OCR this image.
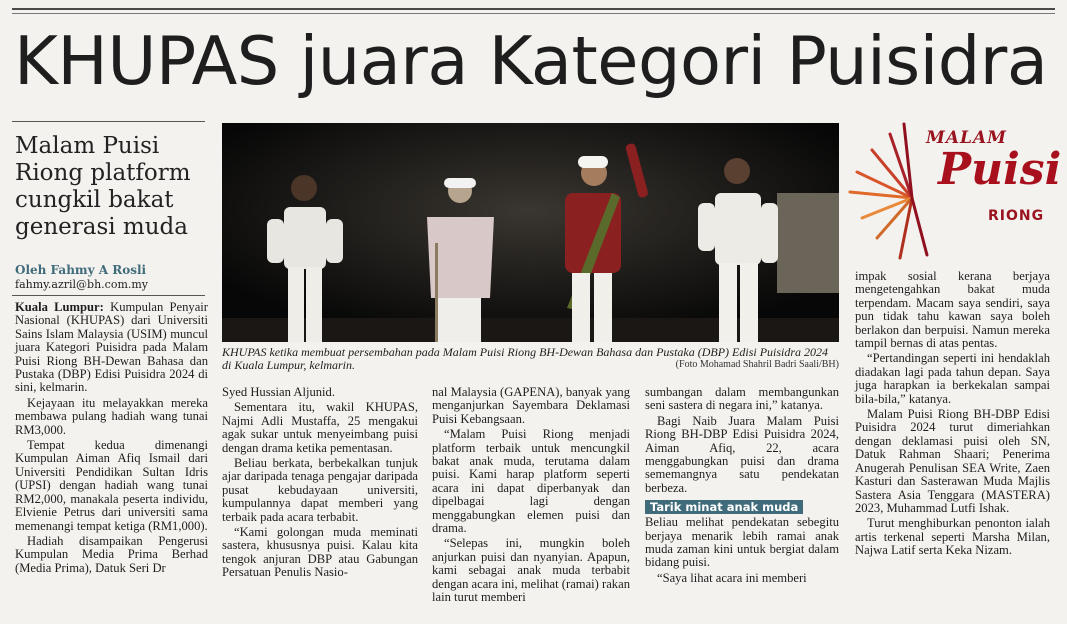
KHUPAS juara Kategori Puisidra
Malam Puisi Riong platform cungkil bakat generasi muda
Oleh Fahmy A Rosli
fahmy.azril@bh.com.my
KHUPAS ketika membuat persembahan pada Malam Puisi Riong BH-Dewan Bahasa dan Pustaka (DBP) Edisi Puisidra 2024 di Kuala Lumpur, kelmarin.	(Foto Mohamad Shahril Badri Saali/BH)
MALAM
Puisi
RIONG

Kuala Lumpur: Kumpulan Penyair Nasional (KHUPAS) dari Universiti Sains Islam Malaysia (USIM) muncul juara Kategori Puisidra pada Malam Puisi Riong BH-Dewan Bahasa dan Pustaka (DBP) Edisi Puisidra 2024 di sini, kelmarin.

Kejayaan itu melayakkan mereka membawa pulang hadiah wang tunai RM3,000.

Tempat kedua dimenangi Kumpulan Aiman Afiq Ismail dari Universiti Pendidikan Sultan Idris (UPSI) dengan hadiah wang tunai RM2,000, manakala peserta individu, Elvienie Petrus dari universiti sama memenangi tempat ketiga (RM1,000).

Hadiah disampaikan Pengerusi Kumpulan Media Prima Berhad (Media Prima), Datuk Seri Dr

Syed Hussian Aljunid.

Sementara itu, wakil KHUPAS, Najmi Adli Mustaffa, 25 mengakui agak sukar untuk menyeimbang puisi dengan drama ketika pementasan.

Beliau berkata, berbekalkan tunjuk ajar daripada tenaga pengajar daripada pusat kebudayaan universiti, kumpulannya dapat memberi yang terbaik pada acara terbabit.

“Kami golongan muda meminati sastera, khususnya puisi. Kalau kita tengok anjuran DBP atau Gabungan Persatuan Penulis Nasio-

nal Malaysia (GAPENA), banyak yang menganjurkan Sayembara Deklamasi Puisi Kebangsaan.

“Malam Puisi Riong menjadi platform terbaik untuk mencungkil bakat anak muda, terutama dalam puisi. Kami harap platform seperti acara ini dapat diperbanyak dan dipelbagai lagi dengan menggabungkan elemen puisi dan drama.

“Selepas ini, mungkin boleh anjurkan puisi dan nyanyian. Apapun, kami sebagai anak muda terbabit dengan acara ini, melihat (ramai) rakan lain turut memberi

sumbangan dalam membangunkan seni sastera di negara ini,” katanya.

Bagi Naib Juara Malam Puisi Riong BH-DBP Edisi Puisidra 2024, Aiman Afiq, 22, acara menggabungkan puisi dan drama sememangnya satu pendekatan berbeza.

Tarik minat anak muda

Beliau melihat pendekatan sebegitu berjaya menarik lebih ramai anak muda zaman kini untuk bergiat dalam bidang puisi.

“Saya lihat acara ini memberi

impak sosial kerana berjaya mengetengahkan bakat muda terpendam. Macam saya sendiri, saya pun tidak tahu kawan saya boleh berlakon dan berpuisi. Namun mereka tampil bernas di atas pentas.

“Pertandingan seperti ini hendaklah diadakan lagi pada tahun depan. Saya juga harapkan ia berkekalan sampai bila-bila,” katanya.

Malam Puisi Riong BH-DBP Edisi Puisidra 2024 turut dimeriahkan dengan deklamasi puisi oleh SN, Datuk Rahman Shaari; Penerima Anugerah Penulisan SEA Write, Zaen Kasturi dan Sasterawan Muda Majlis Sastera Asia Tenggara (MASTERA) 2023, Muhammad Lutfi Ishak.

Turut menghiburkan penonton ialah artis terkenal seperti Marsha Milan, Najwa Latif serta Keka Nizam.
